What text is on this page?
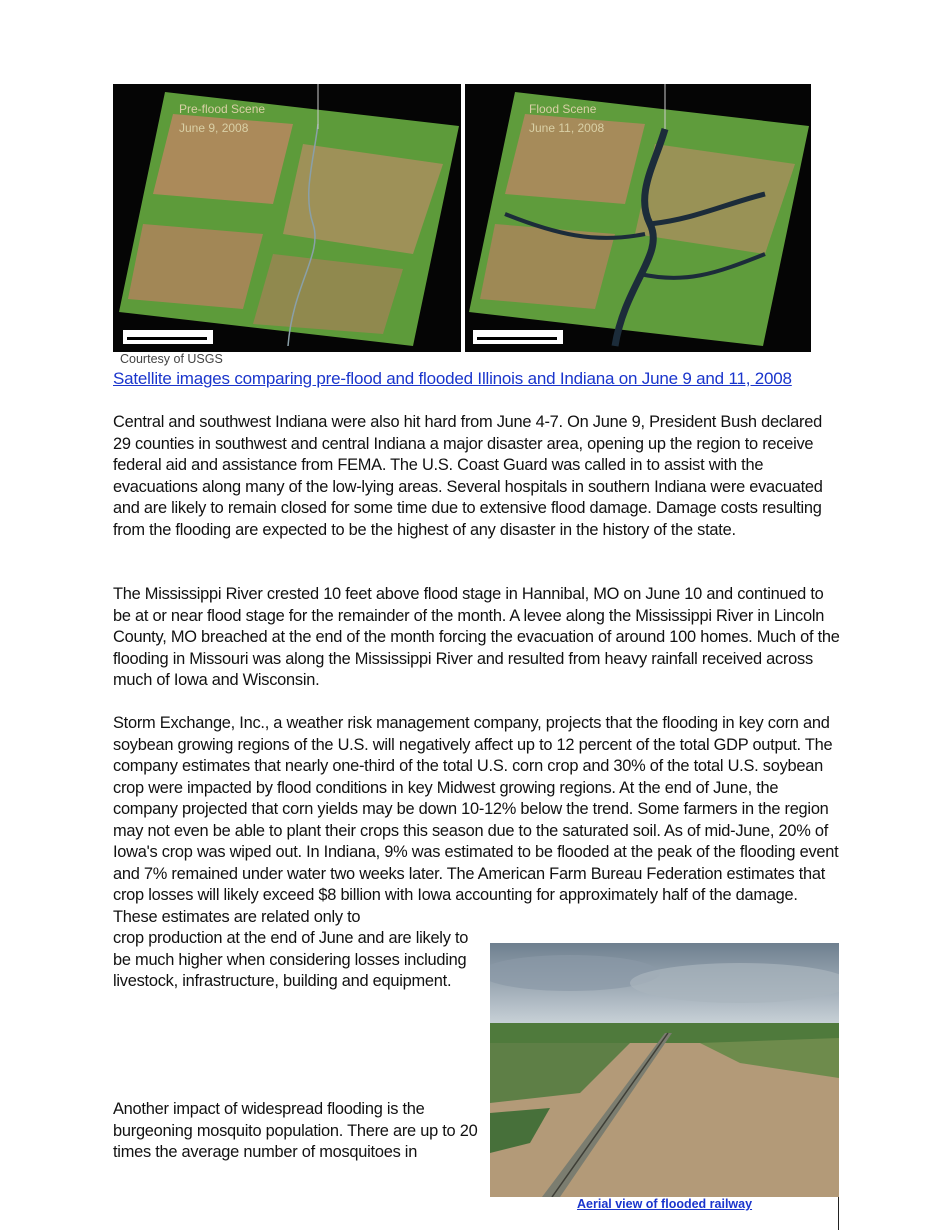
Pre-flood Scene
June 9, 2008
Flood Scene
June 11, 2008
Courtesy of USGS
Satellite images comparing pre-flood and flooded Illinois and Indiana on June 9 and 11, 2008

Central and southwest Indiana were also hit hard from June 4-7. On June 9, President Bush declared 29 counties in southwest and central Indiana a major disaster area, opening up the region to receive federal aid and assistance from FEMA. The U.S. Coast Guard was called in to assist with the evacuations along many of the low-lying areas. Several hospitals in southern Indiana were evacuated and are likely to remain closed for some time due to extensive flood damage. Damage costs resulting from the flooding are expected to be the highest of any disaster in the history of the state.

The Mississippi River crested 10 feet above flood stage in Hannibal, MO on June 10 and continued to be at or near flood stage for the remainder of the month. A levee along the Mississippi River in Lincoln County, MO breached at the end of the month forcing the evacuation of around 100 homes. Much of the flooding in Missouri was along the Mississippi River and resulted from heavy rainfall received across much of Iowa and Wisconsin.

Storm Exchange, Inc., a weather risk management company, projects that the flooding in key corn and soybean growing regions of the U.S. will negatively affect up to 12 percent of the total GDP output. The company estimates that nearly one-third of the total U.S. corn crop and 30% of the total U.S. soybean crop were impacted by flood conditions in key Midwest growing regions. At the end of June, the company projected that corn yields may be down 10-12% below the trend. Some farmers in the region may not even be able to plant their crops this season due to the saturated soil. As of mid-June, 20% of Iowa's crop was wiped out. In Indiana, 9% was estimated to be flooded at the peak of the flooding event and 7% remained under water two weeks later. The American Farm Bureau Federation estimates that crop losses will likely exceed $8 billion with Iowa accounting for approximately half of the damage. These estimates are related only to

crop production at the end of June and are likely to be much higher when considering losses including livestock, infrastructure, building and equipment.

Another impact of widespread flooding is the burgeoning mosquito population. There are up to 20 times the average number of mosquitoes in

Aerial view of flooded railway
